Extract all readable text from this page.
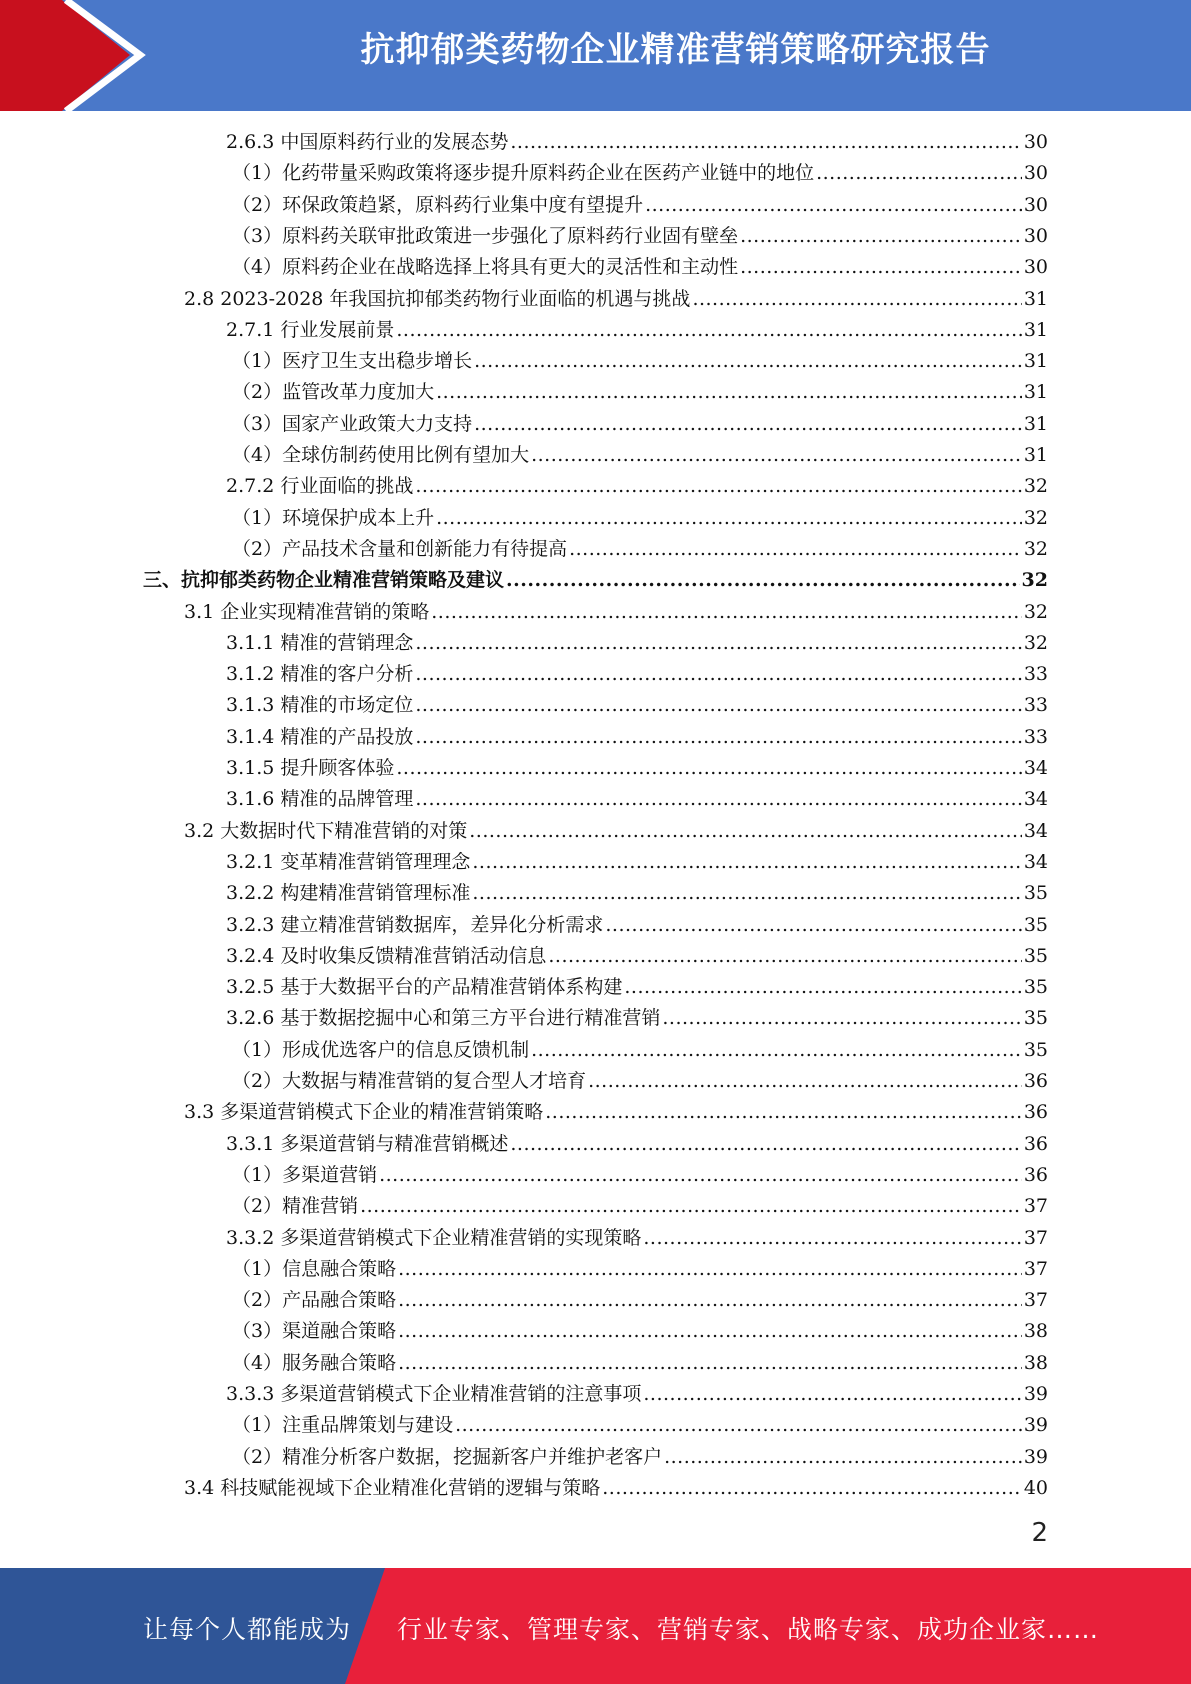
抗抑郁类药物企业精准营销策略研究报告
2.6.3 中国原料药行业的发展态势 .....	30
（1）化药带量采购政策将逐步提升原料药企业在医药产业链中的地位 .....	30
（2）环保政策趋紧，原料药行业集中度有望提升 .....	30
（3）原料药关联审批政策进一步强化了原料药行业固有壁垒 .....	30
（4）原料药企业在战略选择上将具有更大的灵活性和主动性 .....	30
2.8 2023-2028 年我国抗抑郁类药物行业面临的机遇与挑战 .....	31
2.7.1 行业发展前景 .....	31
（1）医疗卫生支出稳步增长 .....	31
（2）监管改革力度加大 .....	31
（3）国家产业政策大力支持 .....	31
（4）全球仿制药使用比例有望加大 .....	31
2.7.2 行业面临的挑战 .....	32
（1）环境保护成本上升 .....	32
（2）产品技术含量和创新能力有待提高 .....	32
三、抗抑郁类药物企业精准营销策略及建议 .....	32
3.1 企业实现精准营销的策略 .....	32
3.1.1 精准的营销理念 .....	32
3.1.2 精准的客户分析 .....	33
3.1.3 精准的市场定位 .....	33
3.1.4 精准的产品投放 .....	33
3.1.5 提升顾客体验 .....	34
3.1.6 精准的品牌管理 .....	34
3.2 大数据时代下精准营销的对策 .....	34
3.2.1 变革精准营销管理理念 .....	34
3.2.2 构建精准营销管理标准 .....	35
3.2.3 建立精准营销数据库，差异化分析需求 .....	35
3.2.4 及时收集反馈精准营销活动信息 .....	35
3.2.5 基于大数据平台的产品精准营销体系构建 .....	35
3.2.6 基于数据挖掘中心和第三方平台进行精准营销 .....	35
（1）形成优选客户的信息反馈机制 .....	35
（2）大数据与精准营销的复合型人才培育 .....	36
3.3 多渠道营销模式下企业的精准营销策略 .....	36
3.3.1 多渠道营销与精准营销概述 .....	36
（1）多渠道营销 .....	36
（2）精准营销 .....	37
3.3.2 多渠道营销模式下企业精准营销的实现策略 .....	37
（1）信息融合策略 .....	37
（2）产品融合策略 .....	37
（3）渠道融合策略 .....	38
（4）服务融合策略 .....	38
3.3.3 多渠道营销模式下企业精准营销的注意事项 .....	39
（1）注重品牌策划与建设 .....	39
（2）精准分析客户数据，挖掘新客户并维护老客户 .....	39
3.4 科技赋能视域下企业精准化营销的逻辑与策略 .....	40
2
让每个人都能成为 行业专家、管理专家、营销专家、战略专家、成功企业家……
